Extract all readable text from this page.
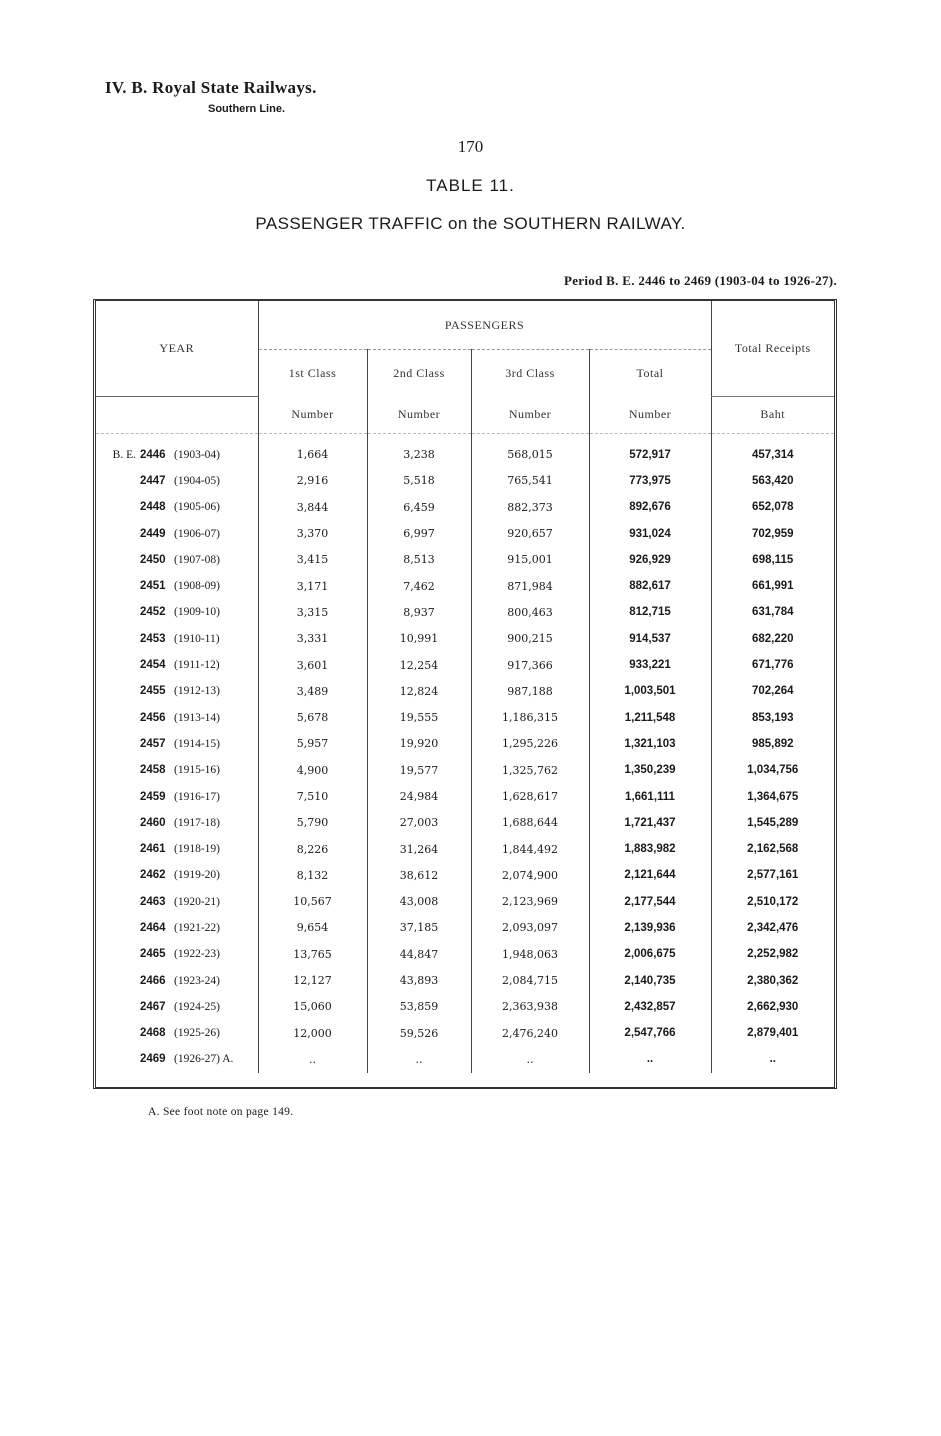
IV. B. Royal State Railways.
Southern Line.
170
TABLE 11.
PASSENGER TRAFFIC on the SOUTHERN RAILWAY.
Period B. E. 2446 to 2469 (1903-04 to 1926-27).
YEAR	PASSENGERS				Total Receipts
	1st Class	2nd Class	3rd Class	Total	
	Number	Number	Number	Number	Baht
B. E. 2446 (1903-04)	1,664	3,238	568,015	572,917	457,314
2447 (1904-05)	2,916	5,518	765,541	773,975	563,420
2448 (1905-06)	3,844	6,459	882,373	892,676	652,078
2449 (1906-07)	3,370	6,997	920,657	931,024	702,959
2450 (1907-08)	3,415	8,513	915,001	926,929	698,115
2451 (1908-09)	3,171	7,462	871,984	882,617	661,991
2452 (1909-10)	3,315	8,937	800,463	812,715	631,784
2453 (1910-11)	3,331	10,991	900,215	914,537	682,220
2454 (1911-12)	3,601	12,254	917,366	933,221	671,776
2455 (1912-13)	3,489	12,824	987,188	1,003,501	702,264
2456 (1913-14)	5,678	19,555	1,186,315	1,211,548	853,193
2457 (1914-15)	5,957	19,920	1,295,226	1,321,103	985,892
2458 (1915-16)	4,900	19,577	1,325,762	1,350,239	1,034,756
2459 (1916-17)	7,510	24,984	1,628,617	1,661,111	1,364,675
2460 (1917-18)	5,790	27,003	1,688,644	1,721,437	1,545,289
2461 (1918-19)	8,226	31,264	1,844,492	1,883,982	2,162,568
2462 (1919-20)	8,132	38,612	2,074,900	2,121,644	2,577,161
2463 (1920-21)	10,567	43,008	2,123,969	2,177,544	2,510,172
2464 (1921-22)	9,654	37,185	2,093,097	2,139,936	2,342,476
2465 (1922-23)	13,765	44,847	1,948,063	2,006,675	2,252,982
2466 (1923-24)	12,127	43,893	2,084,715	2,140,735	2,380,362
2467 (1924-25)	15,060	53,859	2,363,938	2,432,857	2,662,930
2468 (1925-26)	12,000	59,526	2,476,240	2,547,766	2,879,401
2469 (1926-27) A.	..	..	..	..	..
A. See foot note on page 149.
